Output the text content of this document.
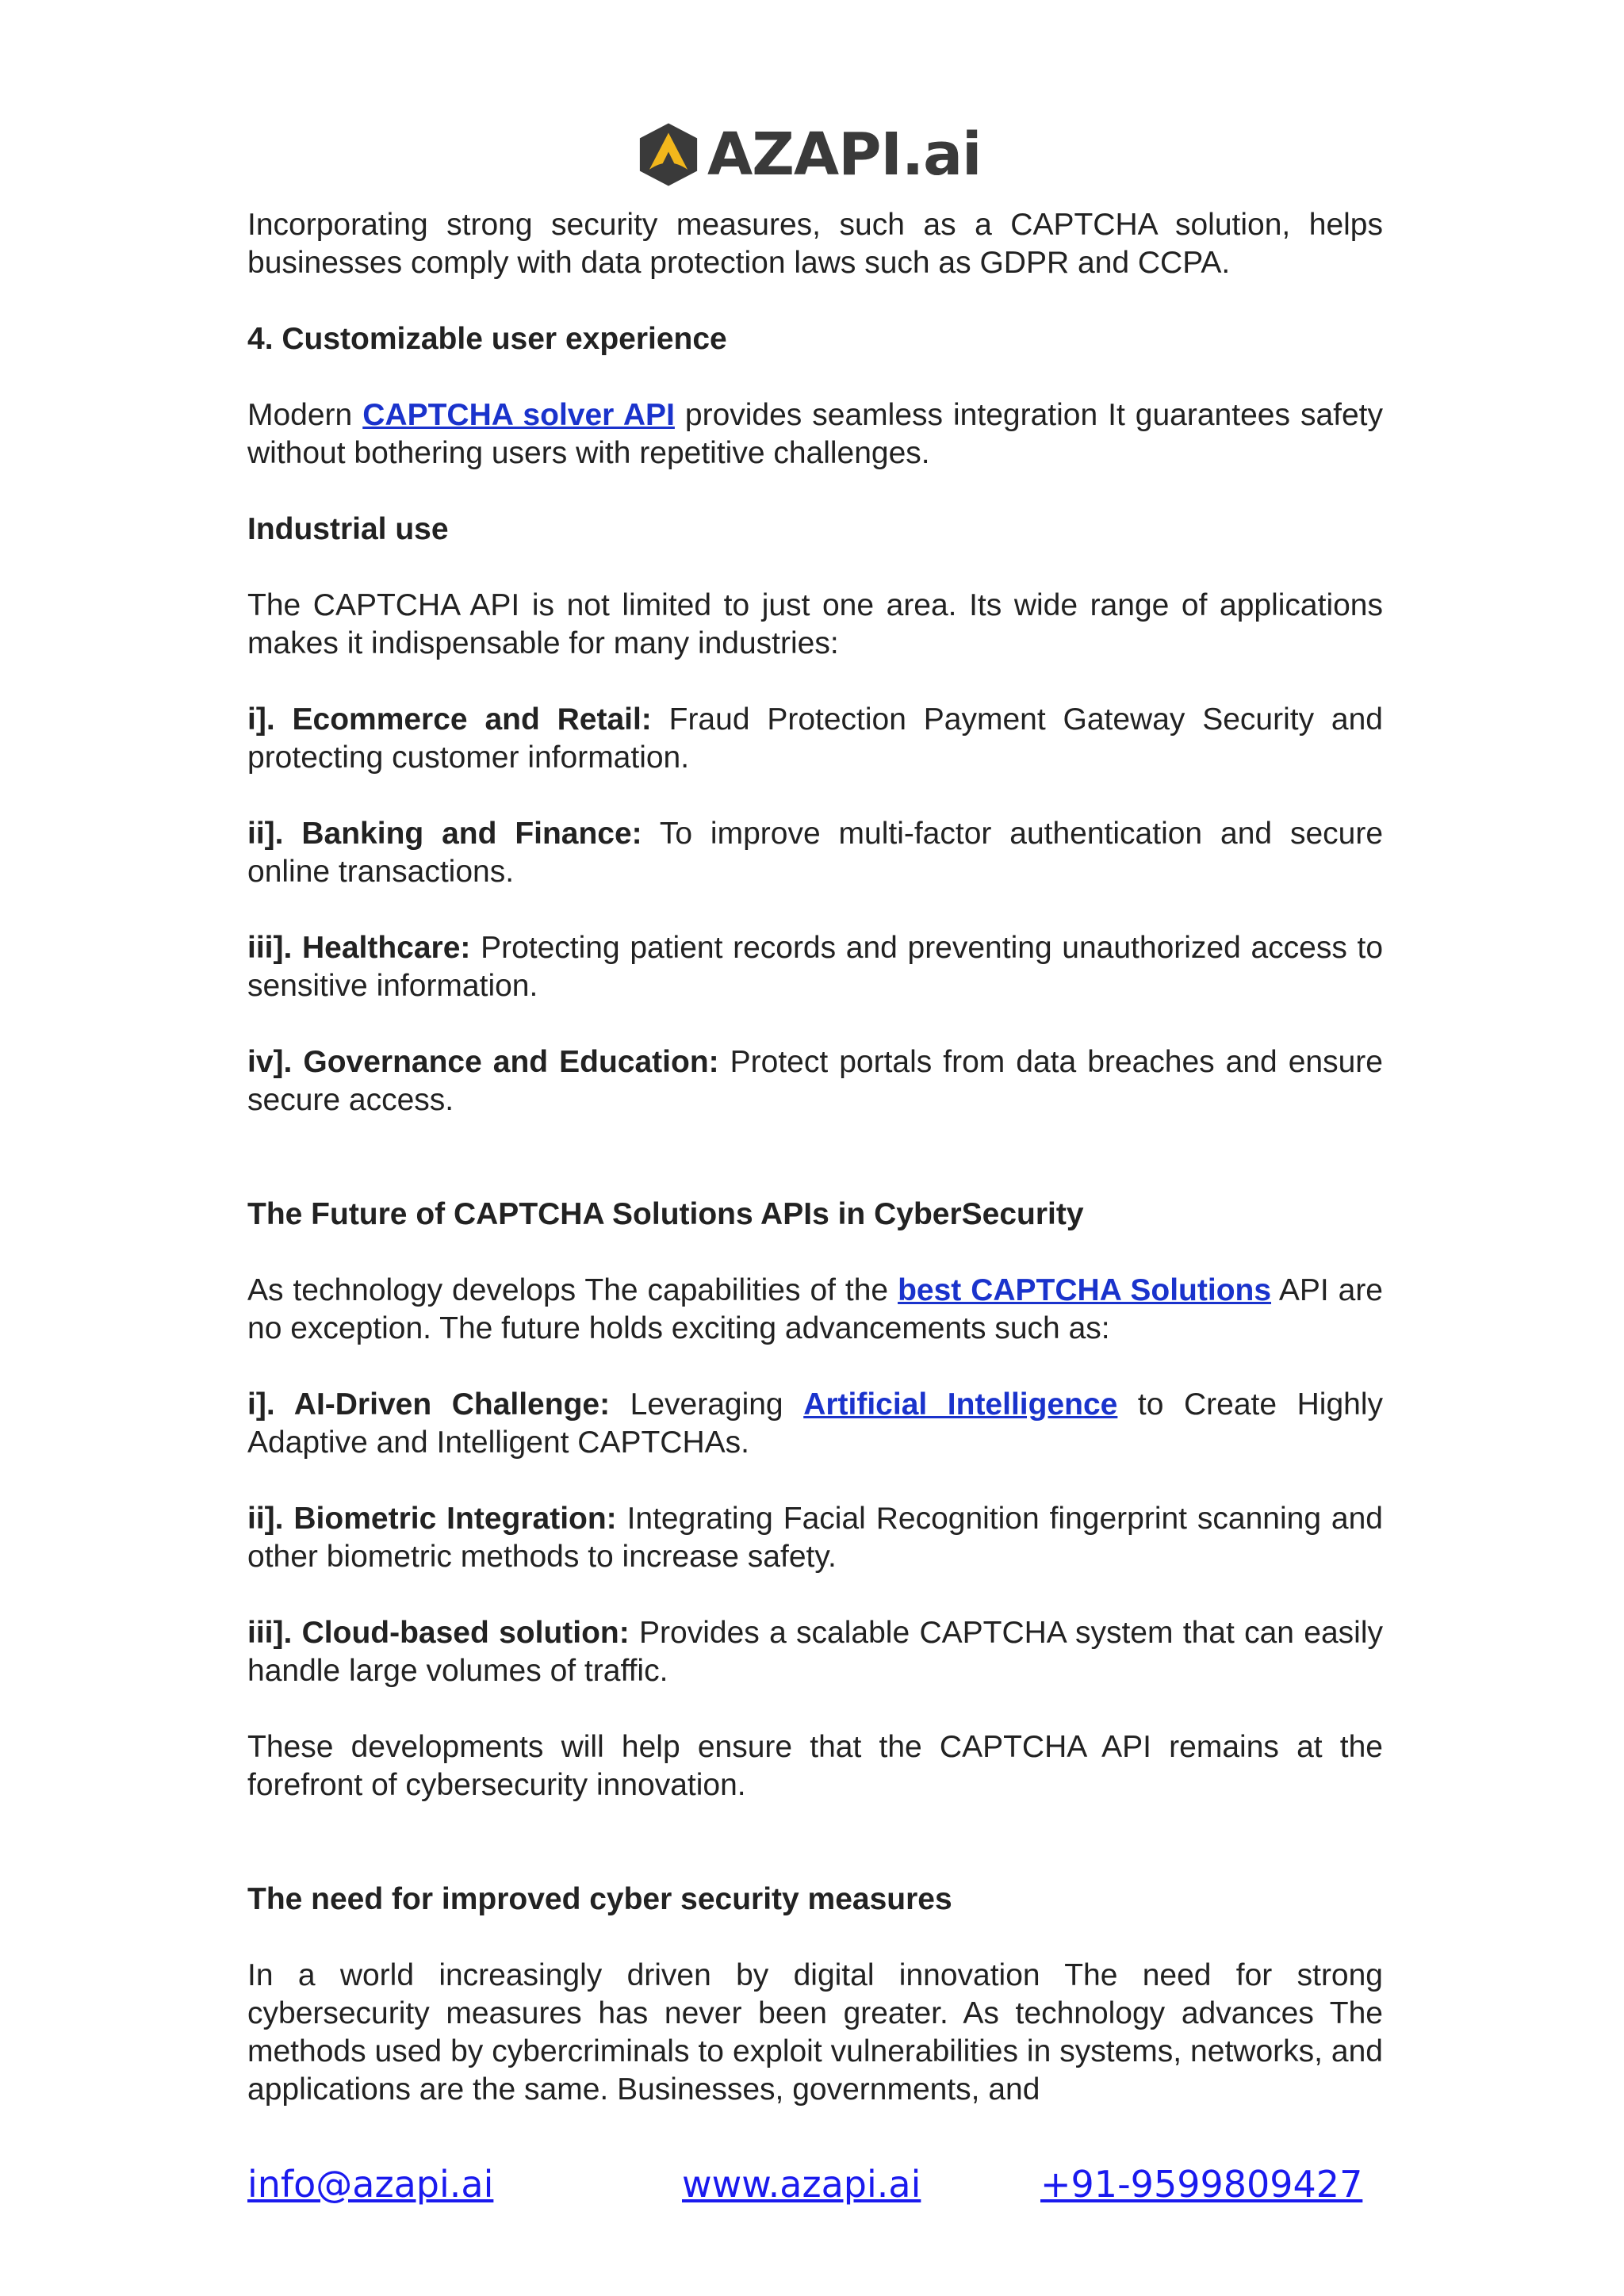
AZAPI.ai

Incorporating strong security measures, such as a CAPTCHA solution, helps businesses comply with data protection laws such as GDPR and CCPA.

4. Customizable user experience

Modern CAPTCHA solver API provides seamless integration It guarantees safety without bothering users with repetitive challenges.

Industrial use

The CAPTCHA API is not limited to just one area. Its wide range of applications makes it indispensable for many industries:

i]. Ecommerce and Retail: Fraud Protection Payment Gateway Security and protecting customer information.

ii]. Banking and Finance: To improve multi-factor authentication and secure online transactions.

iii]. Healthcare: Protecting patient records and preventing unauthorized access to sensitive information.

iv]. Governance and Education: Protect portals from data breaches and ensure secure access.

The Future of CAPTCHA Solutions APIs in CyberSecurity

As technology develops The capabilities of the best CAPTCHA Solutions API are no exception. The future holds exciting advancements such as:

i]. AI-Driven Challenge: Leveraging Artificial Intelligence to Create Highly Adaptive and Intelligent CAPTCHAs.

ii]. Biometric Integration: Integrating Facial Recognition fingerprint scanning and other biometric methods to increase safety.

iii]. Cloud-based solution: Provides a scalable CAPTCHA system that can easily handle large volumes of traffic.

These developments will help ensure that the CAPTCHA API remains at the forefront of cybersecurity innovation.

The need for improved cyber security measures

In a world increasingly driven by digital innovation The need for strong cybersecurity measures has never been greater. As technology advances The methods used by cybercriminals to exploit vulnerabilities in systems, networks, and applications are the same. Businesses, governments, and

info@azapi.ai	www.azapi.ai	+91-9599809427
